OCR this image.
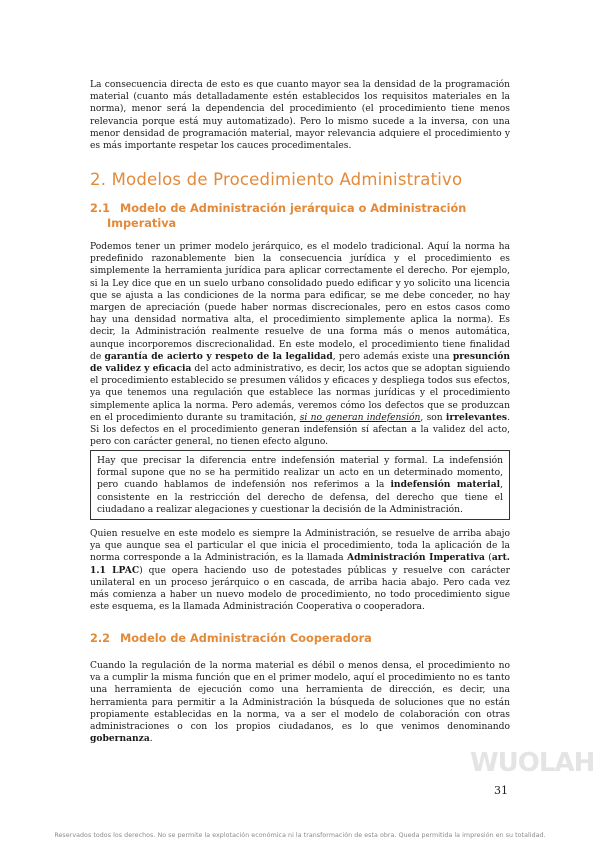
La consecuencia directa de esto es que cuanto mayor sea la densidad de la programación material (cuanto más detalladamente estén establecidos los requisitos materiales en la norma), menor será la dependencia del procedimiento (el procedimiento tiene menos relevancia porque está muy automatizado). Pero lo mismo sucede a la inversa, con una menor densidad de programación material, mayor relevancia adquiere el procedimiento y es más importante respetar los cauces procedimentales.

2. Modelos de Procedimiento Administrativo
2.1 Modelo de Administración jerárquica o Administración
Imperativa

Podemos tener un primer modelo jerárquico, es el modelo tradicional. Aquí la norma ha predefinido razonablemente bien la consecuencia jurídica y el procedimiento es simplemente la herramienta jurídica para aplicar correctamente el derecho. Por ejemplo, si la Ley dice que en un suelo urbano consolidado puedo edificar y yo solicito una licencia que se ajusta a las condiciones de la norma para edificar, se me debe conceder, no hay margen de apreciación (puede haber normas discrecionales, pero en estos casos como hay una densidad normativa alta, el procedimiento simplemente aplica la norma). Es decir, la Administración realmente resuelve de una forma más o menos automática, aunque incorporemos discrecionalidad. En este modelo, el procedimiento tiene finalidad de garantía de acierto y respeto de la legalidad, pero además existe una presunción de validez y eficacia del acto administrativo, es decir, los actos que se adoptan siguiendo el procedimiento establecido se presumen válidos y eficaces y despliega todos sus efectos, ya que tenemos una regulación que establece las normas jurídicas y el procedimiento simplemente aplica la norma. Pero además, veremos cómo los defectos que se produzcan en el procedimiento durante su tramitación, si no generan indefensión, son irrelevantes. Si los defectos en el procedimiento generan indefensión sí afectan a la validez del acto, pero con carácter general, no tienen efecto alguno.

Hay que precisar la diferencia entre indefensión material y formal. La indefensión formal supone que no se ha permitido realizar un acto en un determinado momento, pero cuando hablamos de indefensión nos referimos a la indefensión material, consistente en la restricción del derecho de defensa, del derecho que tiene el ciudadano a realizar alegaciones y cuestionar la decisión de la Administración.

Quien resuelve en este modelo es siempre la Administración, se resuelve de arriba abajo ya que aunque sea el particular el que inicia el procedimiento, toda la aplicación de la norma corresponde a la Administración, es la llamada Administración Imperativa (art. 1.1 LPAC) que opera haciendo uso de potestades públicas y resuelve con carácter unilateral en un proceso jerárquico o en cascada, de arriba hacia abajo. Pero cada vez más comienza a haber un nuevo modelo de procedimiento, no todo procedimiento sigue este esquema, es la llamada Administración Cooperativa o cooperadora.

2.2 Modelo de Administración Cooperadora

Cuando la regulación de la norma material es débil o menos densa, el procedimiento no va a cumplir la misma función que en el primer modelo, aquí el procedimiento no es tanto una herramienta de ejecución como una herramienta de dirección, es decir, una herramienta para permitir a la Administración la búsqueda de soluciones que no están propiamente establecidas en la norma, va a ser el modelo de colaboración con otras administraciones o con los propios ciudadanos, es lo que venimos denominando gobernanza.

WUOLAH
31
Reservados todos los derechos. No se permite la explotación económica ni la transformación de esta obra. Queda permitida la impresión en su totalidad.
